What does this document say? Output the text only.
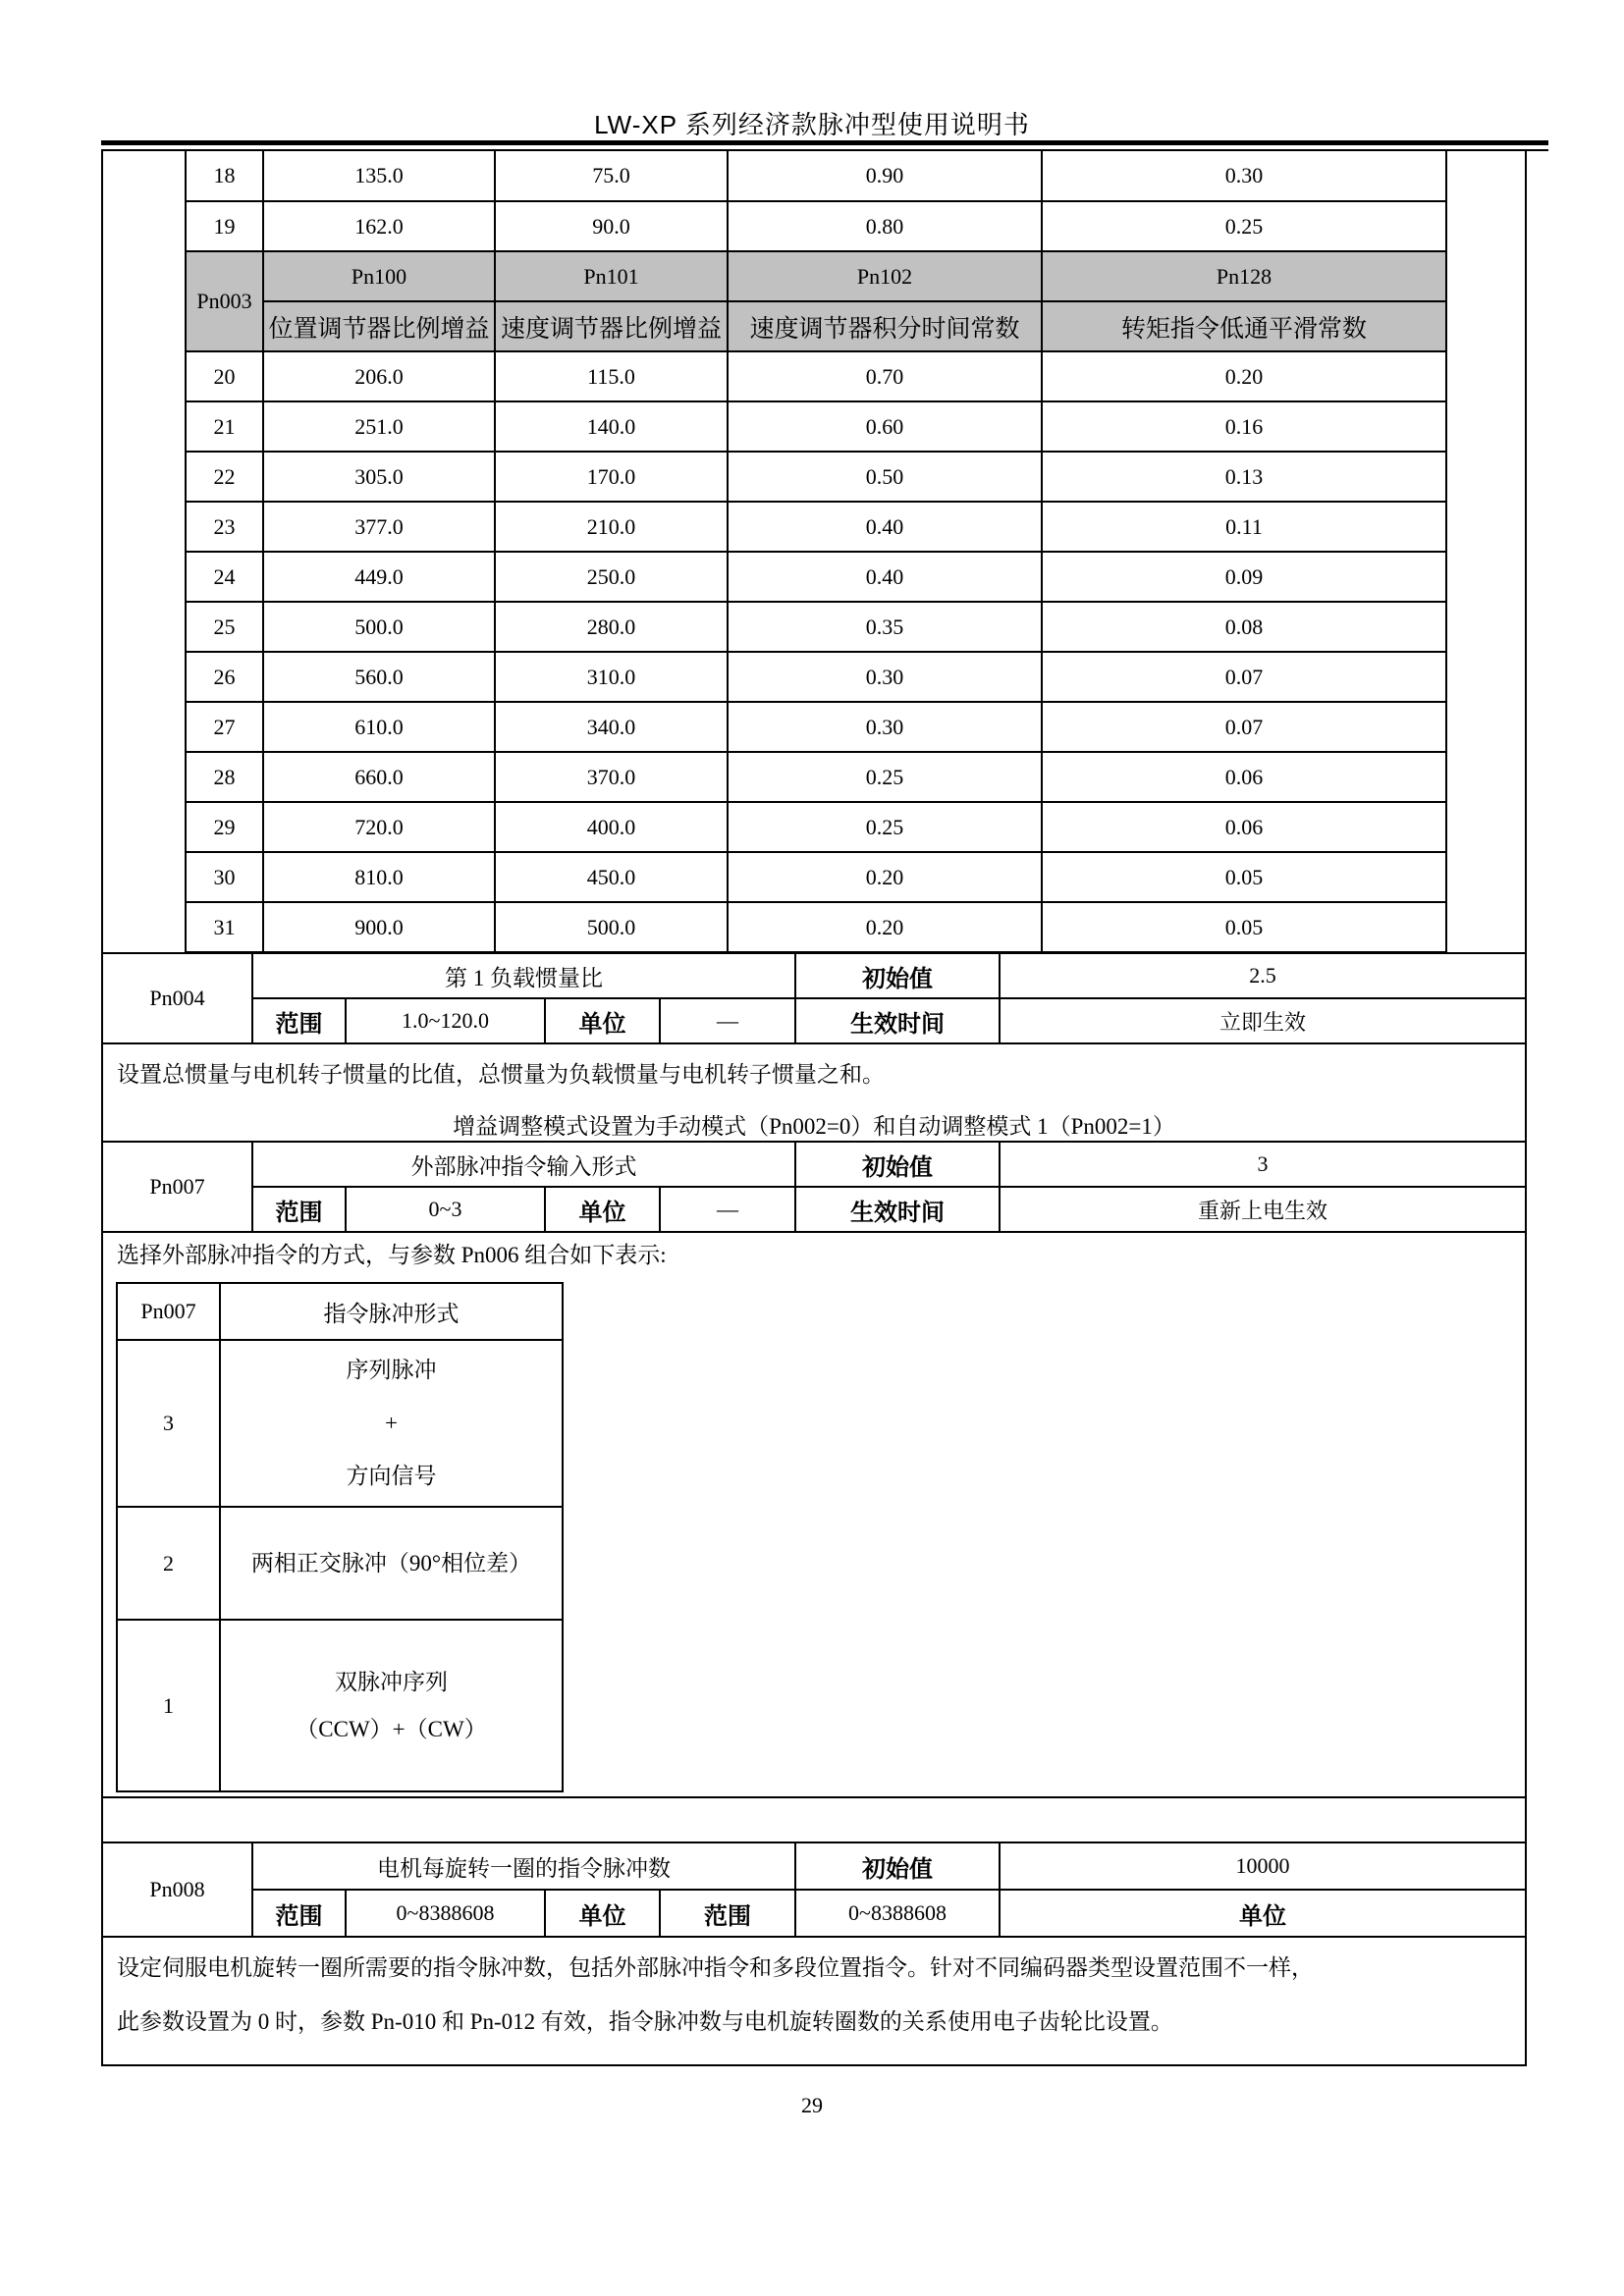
LW-XP 系列经济款脉冲型使用说明书
18	135.0	75.0	0.90	0.30
19	162.0	90.0	0.80	0.25
Pn003	Pn100	Pn101	Pn102	Pn128
	位置调节器比例增益	速度调节器比例增益	速度调节器积分时间常数	转矩指令低通平滑常数
20	206.0	115.0	0.70	0.20
21	251.0	140.0	0.60	0.16
22	305.0	170.0	0.50	0.13
23	377.0	210.0	0.40	0.11
24	449.0	250.0	0.40	0.09
25	500.0	280.0	0.35	0.08
26	560.0	310.0	0.30	0.07
27	610.0	340.0	0.30	0.07
28	660.0	370.0	0.25	0.06
29	720.0	400.0	0.25	0.06
30	810.0	450.0	0.20	0.05
31	900.0	500.0	0.20	0.05
Pn004	第 1 负载惯量比				初始值	2.5
	范围	1.0~120.0	单位	—	生效时间	立即生效
设置总惯量与电机转子惯量的比值，总惯量为负载惯量与电机转子惯量之和。
增益调整模式设置为手动模式（Pn002=0）和自动调整模式 1（Pn002=1）
Pn007	外部脉冲指令输入形式				初始值	3
	范围	0~3	单位	—	生效时间	重新上电生效
选择外部脉冲指令的方式，与参数 Pn006 组合如下表示:
Pn007	指令脉冲形式
3	序列脉冲
+
方向信号

2	两相正交脉冲（90°相位差）

1	双脉冲序列
（CCW）+（CW）
Pn008	电机每旋转一圈的指令脉冲数				初始值	10000
	范围	0~8388608	单位	范围	0~8388608	单位
设定伺服电机旋转一圈所需要的指令脉冲数，包括外部脉冲指令和多段位置指令。针对不同编码器类型设置范围不一样，
此参数设置为 0 时，参数 Pn-010 和 Pn-012 有效，指令脉冲数与电机旋转圈数的关系使用电子齿轮比设置。
29
